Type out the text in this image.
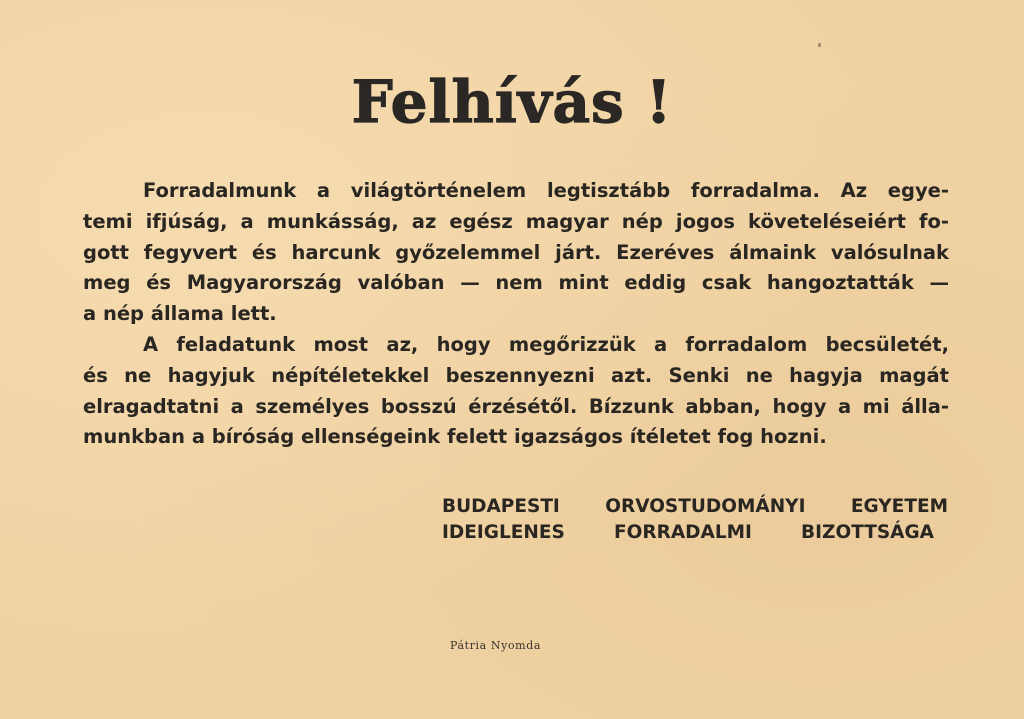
Felhívás !
Forradalmunk a világtörténelem legtisztább forradalma. Az egye-
temi ifjúság, a munkásság, az egész magyar nép jogos követeléseiért fo-
gott fegyvert és harcunk győzelemmel járt. Ezeréves álmaink valósulnak
meg és Magyarország valóban — nem mint eddig csak hangoztatták —
a nép állama lett.
A feladatunk most az, hogy megőrizzük a forradalom becsületét,
és ne hagyjuk népítéletekkel beszennyezni azt. Senki ne hagyja magát
elragadtatni a személyes bosszú érzésétől. Bízzunk abban, hogy a mi álla-
munkban a bíróság ellenségeink felett igazságos ítéletet fog hozni.
BUDAPESTI ORVOSTUDOMÁNYI EGYETEM
IDEIGLENES FORRADALMI BIZOTTSÁGA
Pátria Nyomda
